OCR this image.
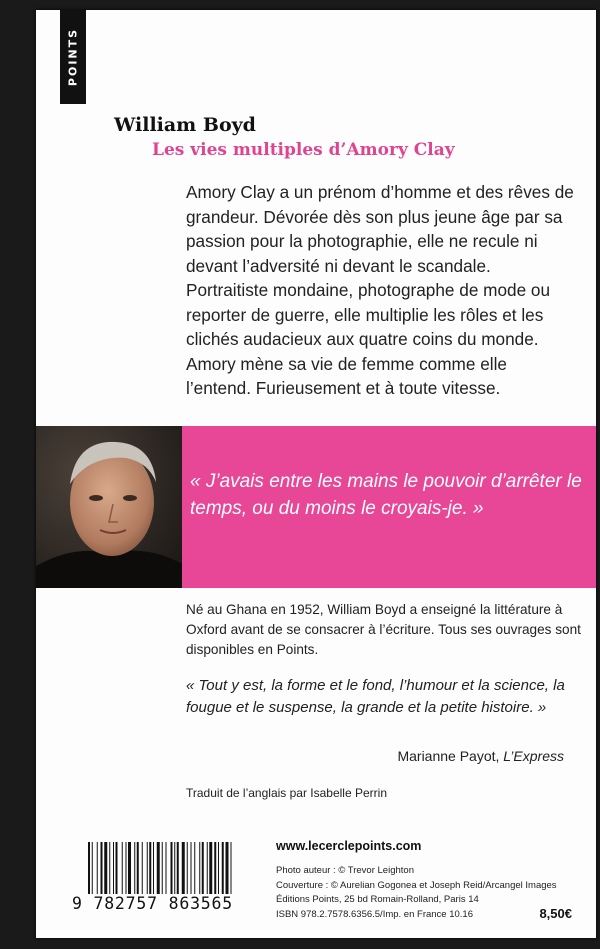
POINTS
William Boyd
Les vies multiples d’Amory Clay

Amory Clay a un prénom d’homme et des rêves de grandeur. Dévorée dès son plus jeune âge par sa passion pour la photographie, elle ne recule ni devant l’adversité ni devant le scandale. Portraitiste mondaine, photographe de mode ou reporter de guerre, elle multiplie les rôles et les clichés audacieux aux quatre coins du monde. Amory mène sa vie de femme comme elle l’entend. Furieusement et à toute vitesse.

« J’avais entre les mains le pouvoir d’arrêter le temps, ou du moins le croyais-je. »

Né au Ghana en 1952, William Boyd a enseigné la littérature à Oxford avant de se consacrer à l’écriture. Tous ses ouvrages sont disponibles en Points.

« Tout y est, la forme et le fond, l’humour et la science, la fougue et le suspense, la grande et la petite histoire. »

Marianne Payot, L’Express
Traduit de l’anglais par Isabelle Perrin
9 782757 863565
www.lecerclepoints.com
Photo auteur : © Trevor Leighton
Couverture : © Aurelian Gogonea et Joseph Reid/Arcangel Images
Éditions Points, 25 bd Romain-Rolland, Paris 14
ISBN 978.2.7578.6356.5/Imp. en France 10.16	8,50€
